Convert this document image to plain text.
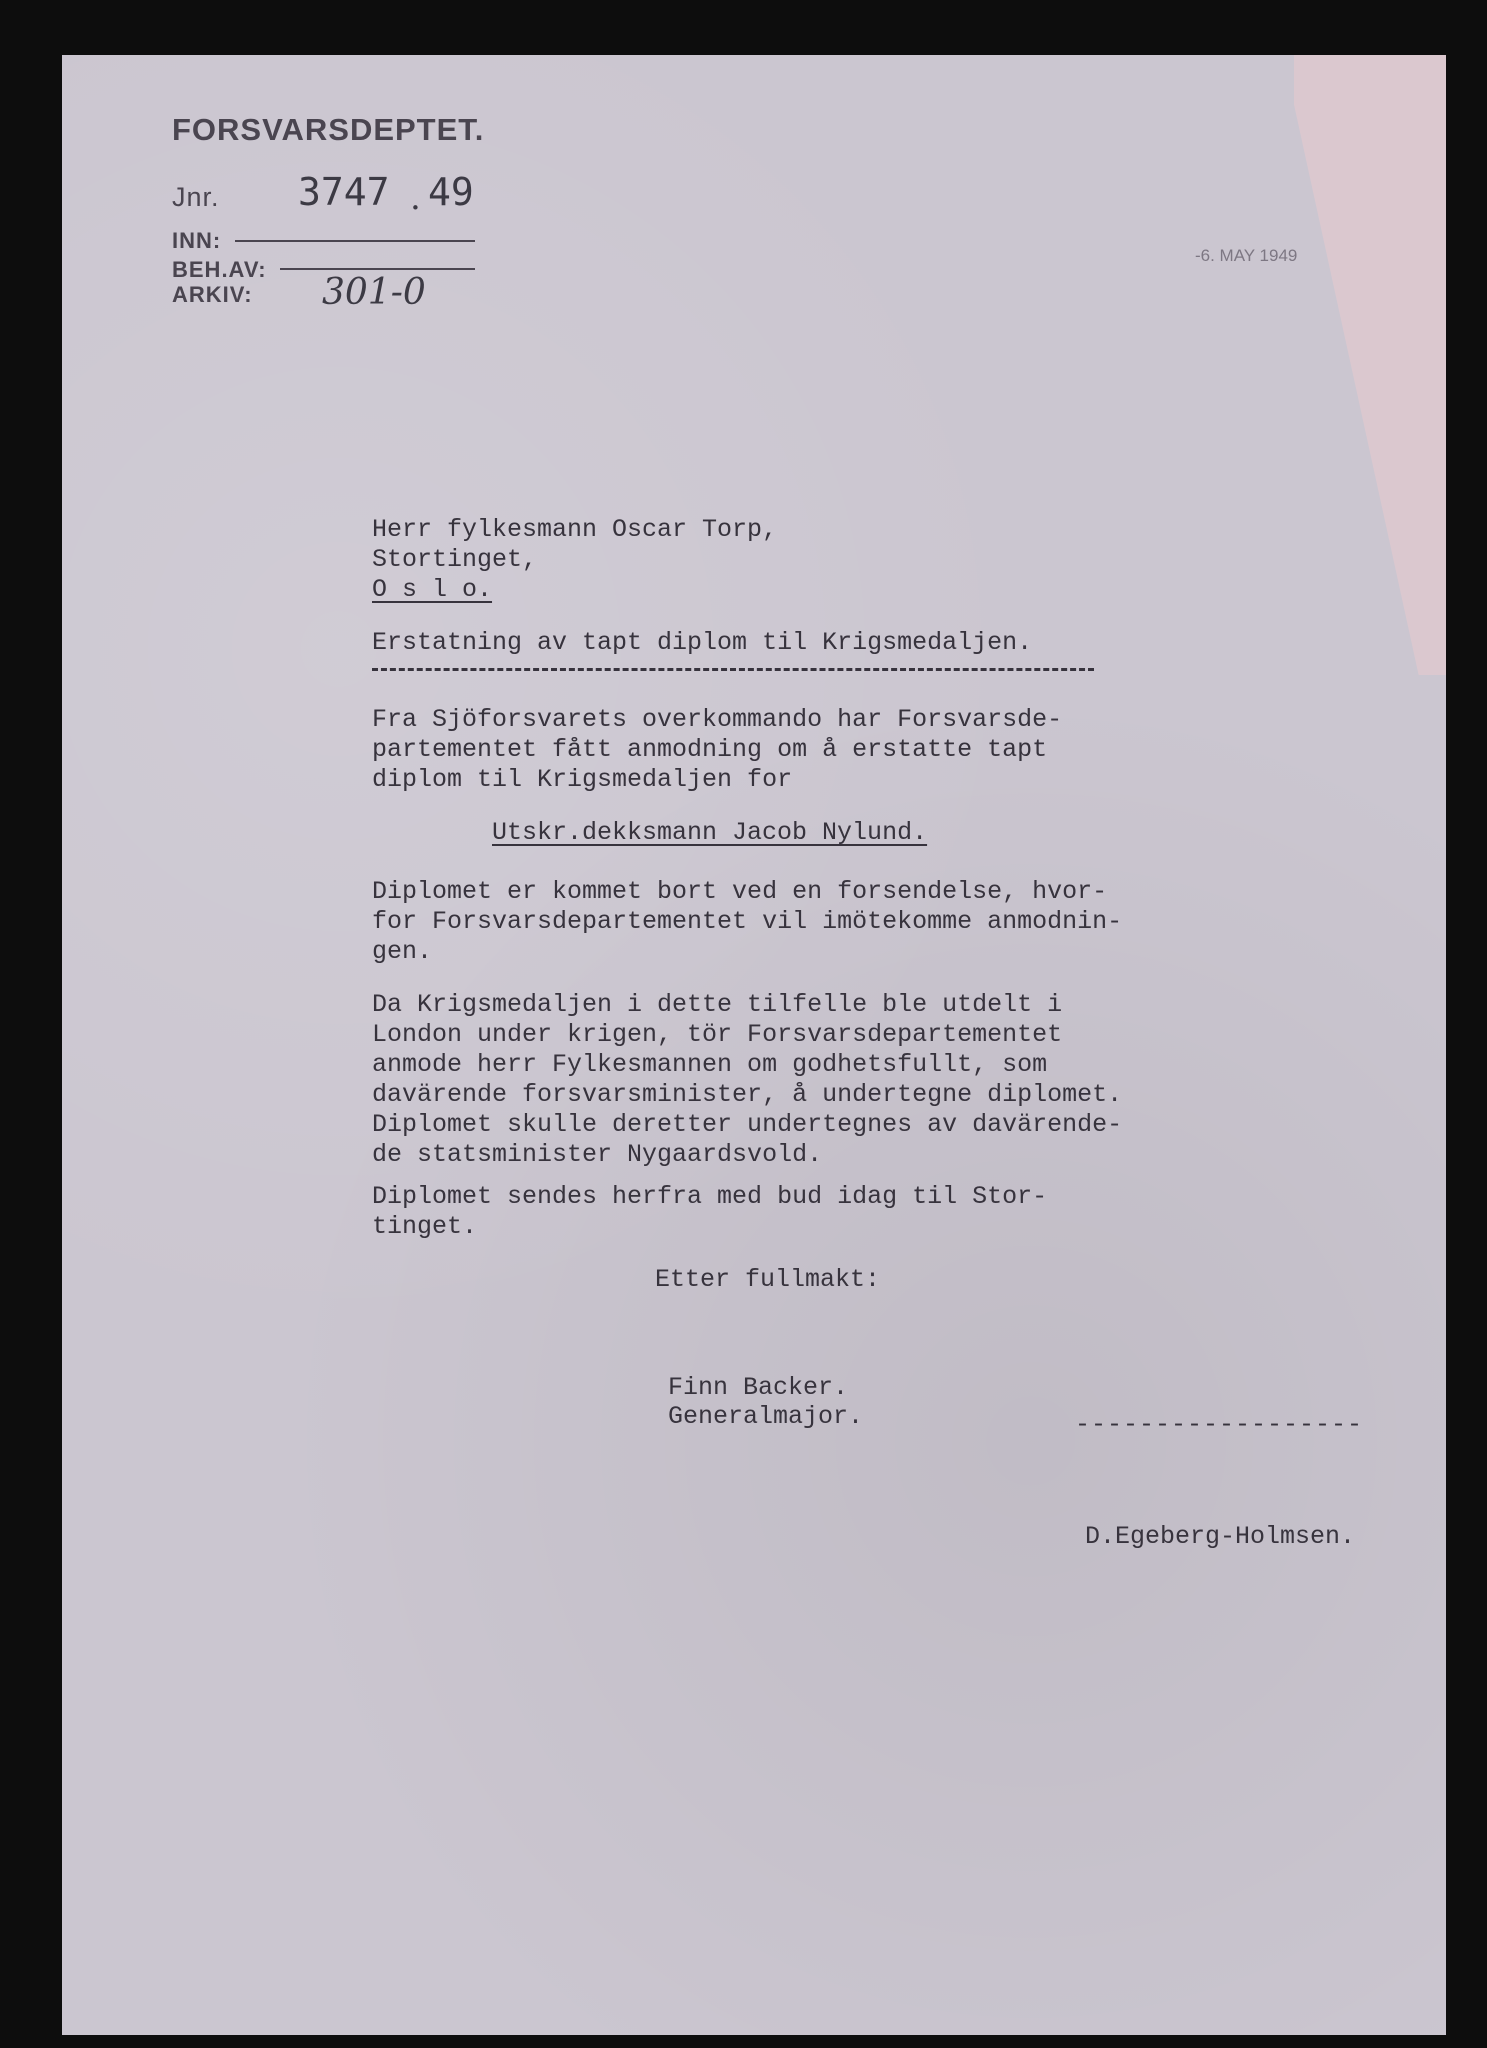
FORSVARSDEPTET.
Jnr. 3747 . 49
INN:
BEH.AV:
ARKIV: 301-0
-6. MAY 1949
Herr fylkesmann Oscar Torp,
Stortinget,
O s l o.
Erstatning av tapt diplom til Krigsmedaljen.
Fra Sjöforsvarets overkommando har Forsvarsde-
partementet fått anmodning om å erstatte tapt
diplom til Krigsmedaljen for
Utskr.dekksmann Jacob Nylund.
Diplomet er kommet bort ved en forsendelse, hvor-
for Forsvarsdepartementet vil imötekomme anmodnin-
gen.
Da Krigsmedaljen i dette tilfelle ble utdelt i
London under krigen, tör Forsvarsdepartementet
anmode herr Fylkesmannen om godhetsfullt, som
davärende forsvarsminister, å undertegne diplomet.
Diplomet skulle deretter undertegnes av davärende-
de statsminister Nygaardsvold.
Diplomet sendes herfra med bud idag til Stor-
tinget.
Etter fullmakt:
Finn Backer.
Generalmajor.	------------------
D.Egeberg-Holmsen.
